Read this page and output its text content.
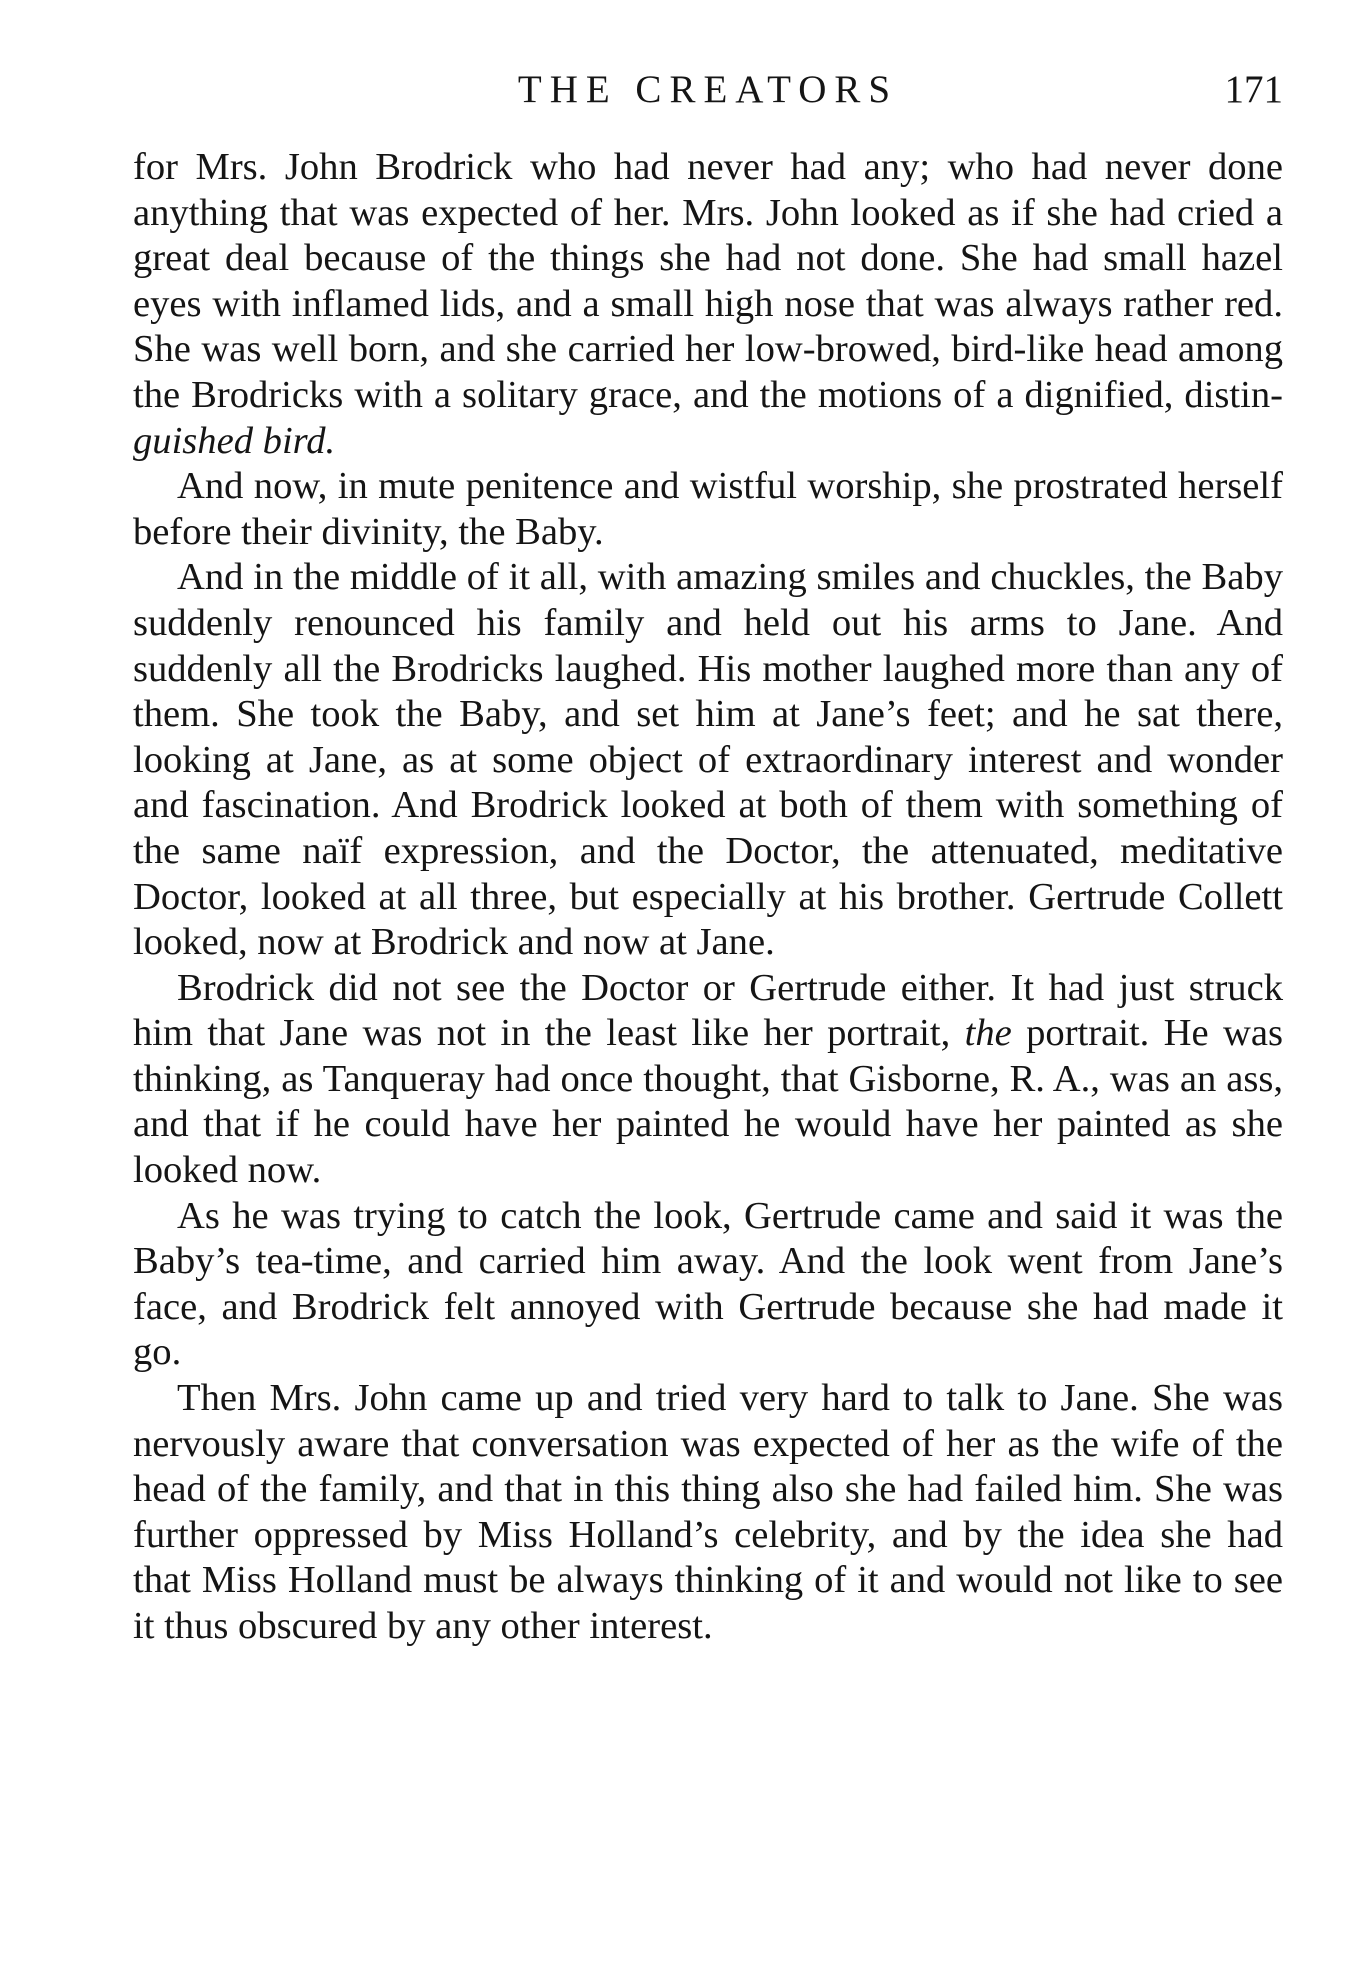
THE CREATORS	171

for Mrs. John Brodrick who had never had any; who had never done anything that was expected of her. Mrs. John looked as if she had cried a great deal because of the things she had not done. She had small hazel eyes with inflamed lids, and a small high nose that was always rather red. She was well born, and she carried her low-browed, bird-like head among the Brodricks with a solitary grace, and the motions of a dignified, distin-guished bird.

And now, in mute penitence and wistful worship, she prostrated herself before their divinity, the Baby.

And in the middle of it all, with amazing smiles and chuckles, the Baby suddenly renounced his family and held out his arms to Jane. And suddenly all the Brodricks laughed. His mother laughed more than any of them. She took the Baby, and set him at Jane’s feet; and he sat there, looking at Jane, as at some object of extraordinary interest and wonder and fascination. And Brodrick looked at both of them with something of the same naïf expression, and the Doctor, the attenuated, meditative Doctor, looked at all three, but especially at his brother. Gertrude Collett looked, now at Brodrick and now at Jane.

Brodrick did not see the Doctor or Gertrude either. It had just struck him that Jane was not in the least like her portrait, the portrait. He was thinking, as Tanqueray had once thought, that Gisborne, R. A., was an ass, and that if he could have her painted he would have her painted as she looked now.

As he was trying to catch the look, Gertrude came and said it was the Baby’s tea-time, and carried him away. And the look went from Jane’s face, and Brodrick felt annoyed with Gertrude because she had made it go.

Then Mrs. John came up and tried very hard to talk to Jane. She was nervously aware that conversation was expected of her as the wife of the head of the family, and that in this thing also she had failed him. She was further oppressed by Miss Holland’s celebrity, and by the idea she had that Miss Holland must be always thinking of it and would not like to see it thus obscured by any other interest.
